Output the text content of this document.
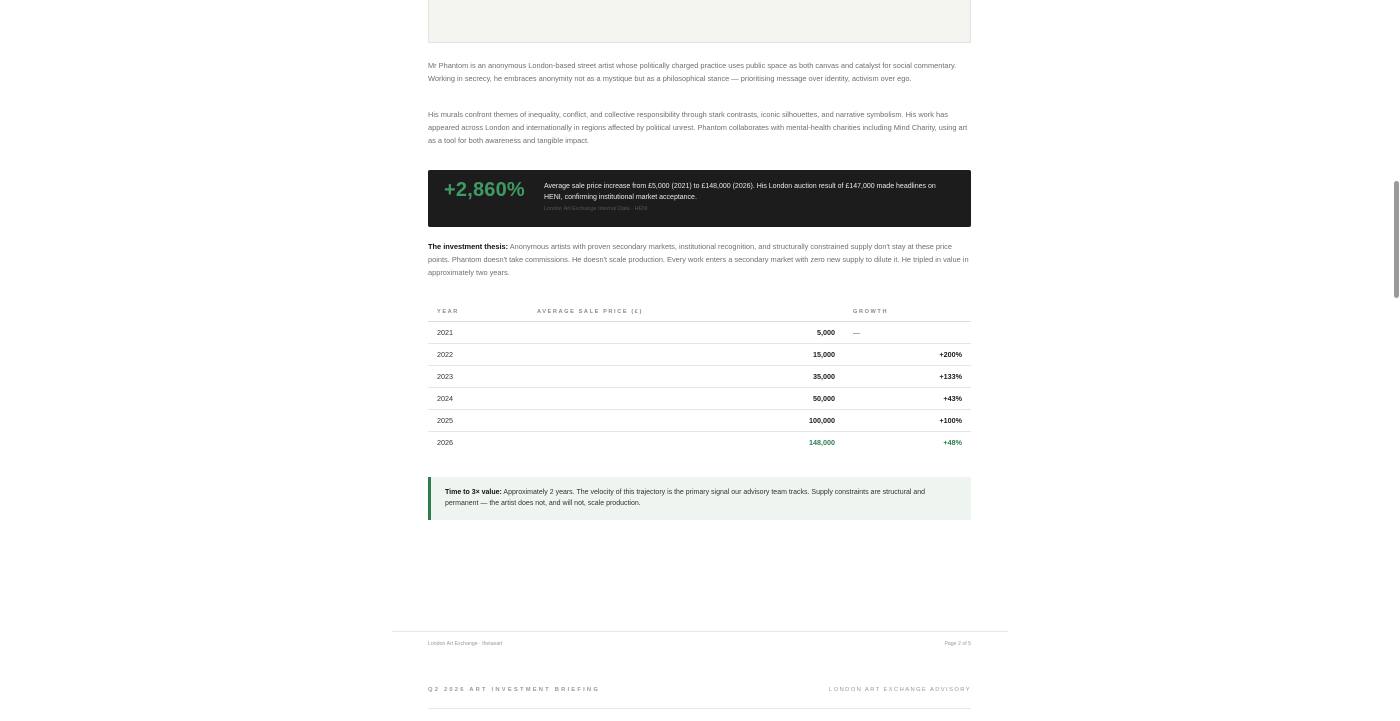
Mr Phantom is an anonymous London-based street artist whose politically charged practice uses public space as both canvas and catalyst for social commentary. Working in secrecy, he embraces anonymity not as a mystique but as a philosophical stance — prioritising message over identity, activism over ego.

His murals confront themes of inequality, conflict, and collective responsibility through stark contrasts, iconic silhouettes, and narrative symbolism. His work has appeared across London and internationally in regions affected by political unrest. Phantom collaborates with mental-health charities including Mind Charity, using art as a tool for both awareness and tangible impact.

+2,860%	Average sale price increase from £5,000 (2021) to £148,000 (2026). His London auction result of £147,000 made headlines on HENI, confirming institutional market acceptance.
London Art Exchange Internal Data · HENI

The investment thesis: Anonymous artists with proven secondary markets, institutional recognition, and structurally constrained supply don't stay at these price points. Phantom doesn't take commissions. He doesn't scale production. Every work enters a secondary market with zero new supply to dilute it. He tripled in value in approximately two years.

YEAR	AVERAGE SALE PRICE (£)		GROWTH
2021	5,000		—
2022	15,000		+200%
2023	35,000		+133%
2024	50,000		+43%
2025	100,000		+100%
2026	148,000		+48%
Time to 3× value: Approximately 2 years. The velocity of this trajectory is the primary signal our advisory team tracks. Supply constraints are structural and permanent — the artist does not, and will not, scale production.
London Art Exchange · thelaeart	Page 2 of 5
Q2 2026 ART INVESTMENT BRIEFING	LONDON ART EXCHANGE ADVISORY
